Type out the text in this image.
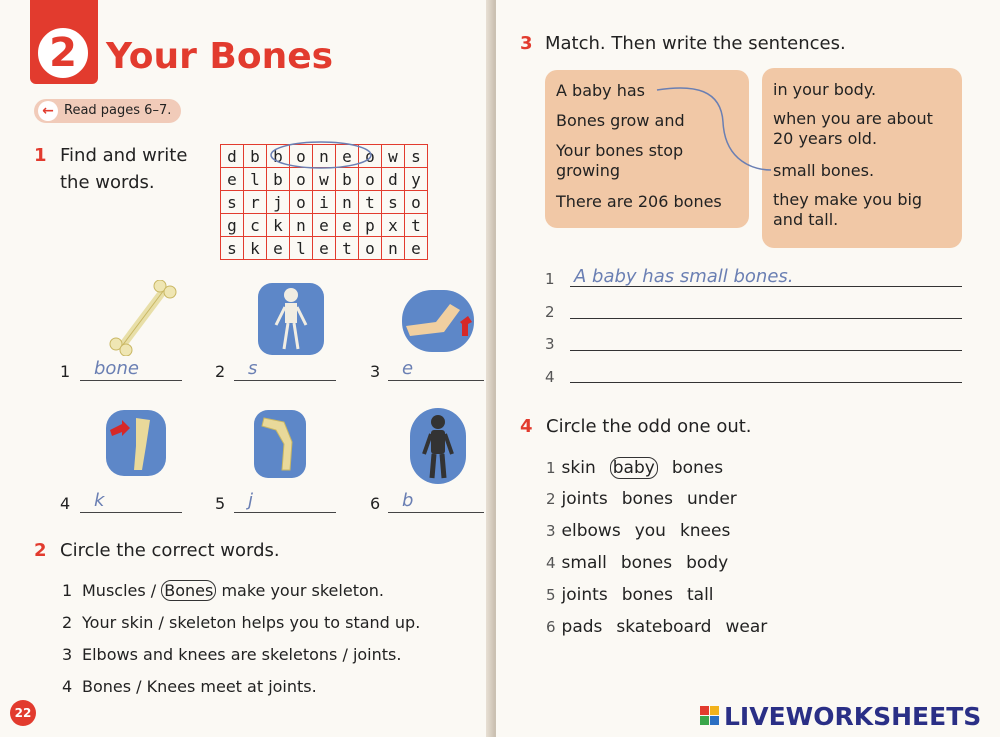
2 Your Bones
← Read pages 6–7.
1 Find and write
the words.
d	b	b	o	n	e	o	w	s
e	l	b	o	w	b	o	d	y
s	r	j	o	i	n	t	s	o
g	c	k	n	e	e	p	x	t
s	k	e	l	e	t	o	n	e
1	bone	2	s	3	e
4	k	5	j	6	b
2 Circle the correct words.
1 Muscles / Bones make your skeleton.
2 Your skin / skeleton helps you to stand up.
3 Elbows and knees are skeletons / joints.
4 Bones / Knees meet at joints.
22
3 Match. Then write the sentences.
A baby has
Bones grow and
Your bones stop growing
There are 206 bones
in your body.
when you are about 20 years old.
small bones.
they make you big and tall.
1 A baby has small bones.
2
3
4
4 Circle the odd one out.
1 skin baby bones
2 joints bones under
3 elbows you knees
4 small bones body
5 joints bones tall
6 pads skateboard wear
LIVEWORKSHEETS
